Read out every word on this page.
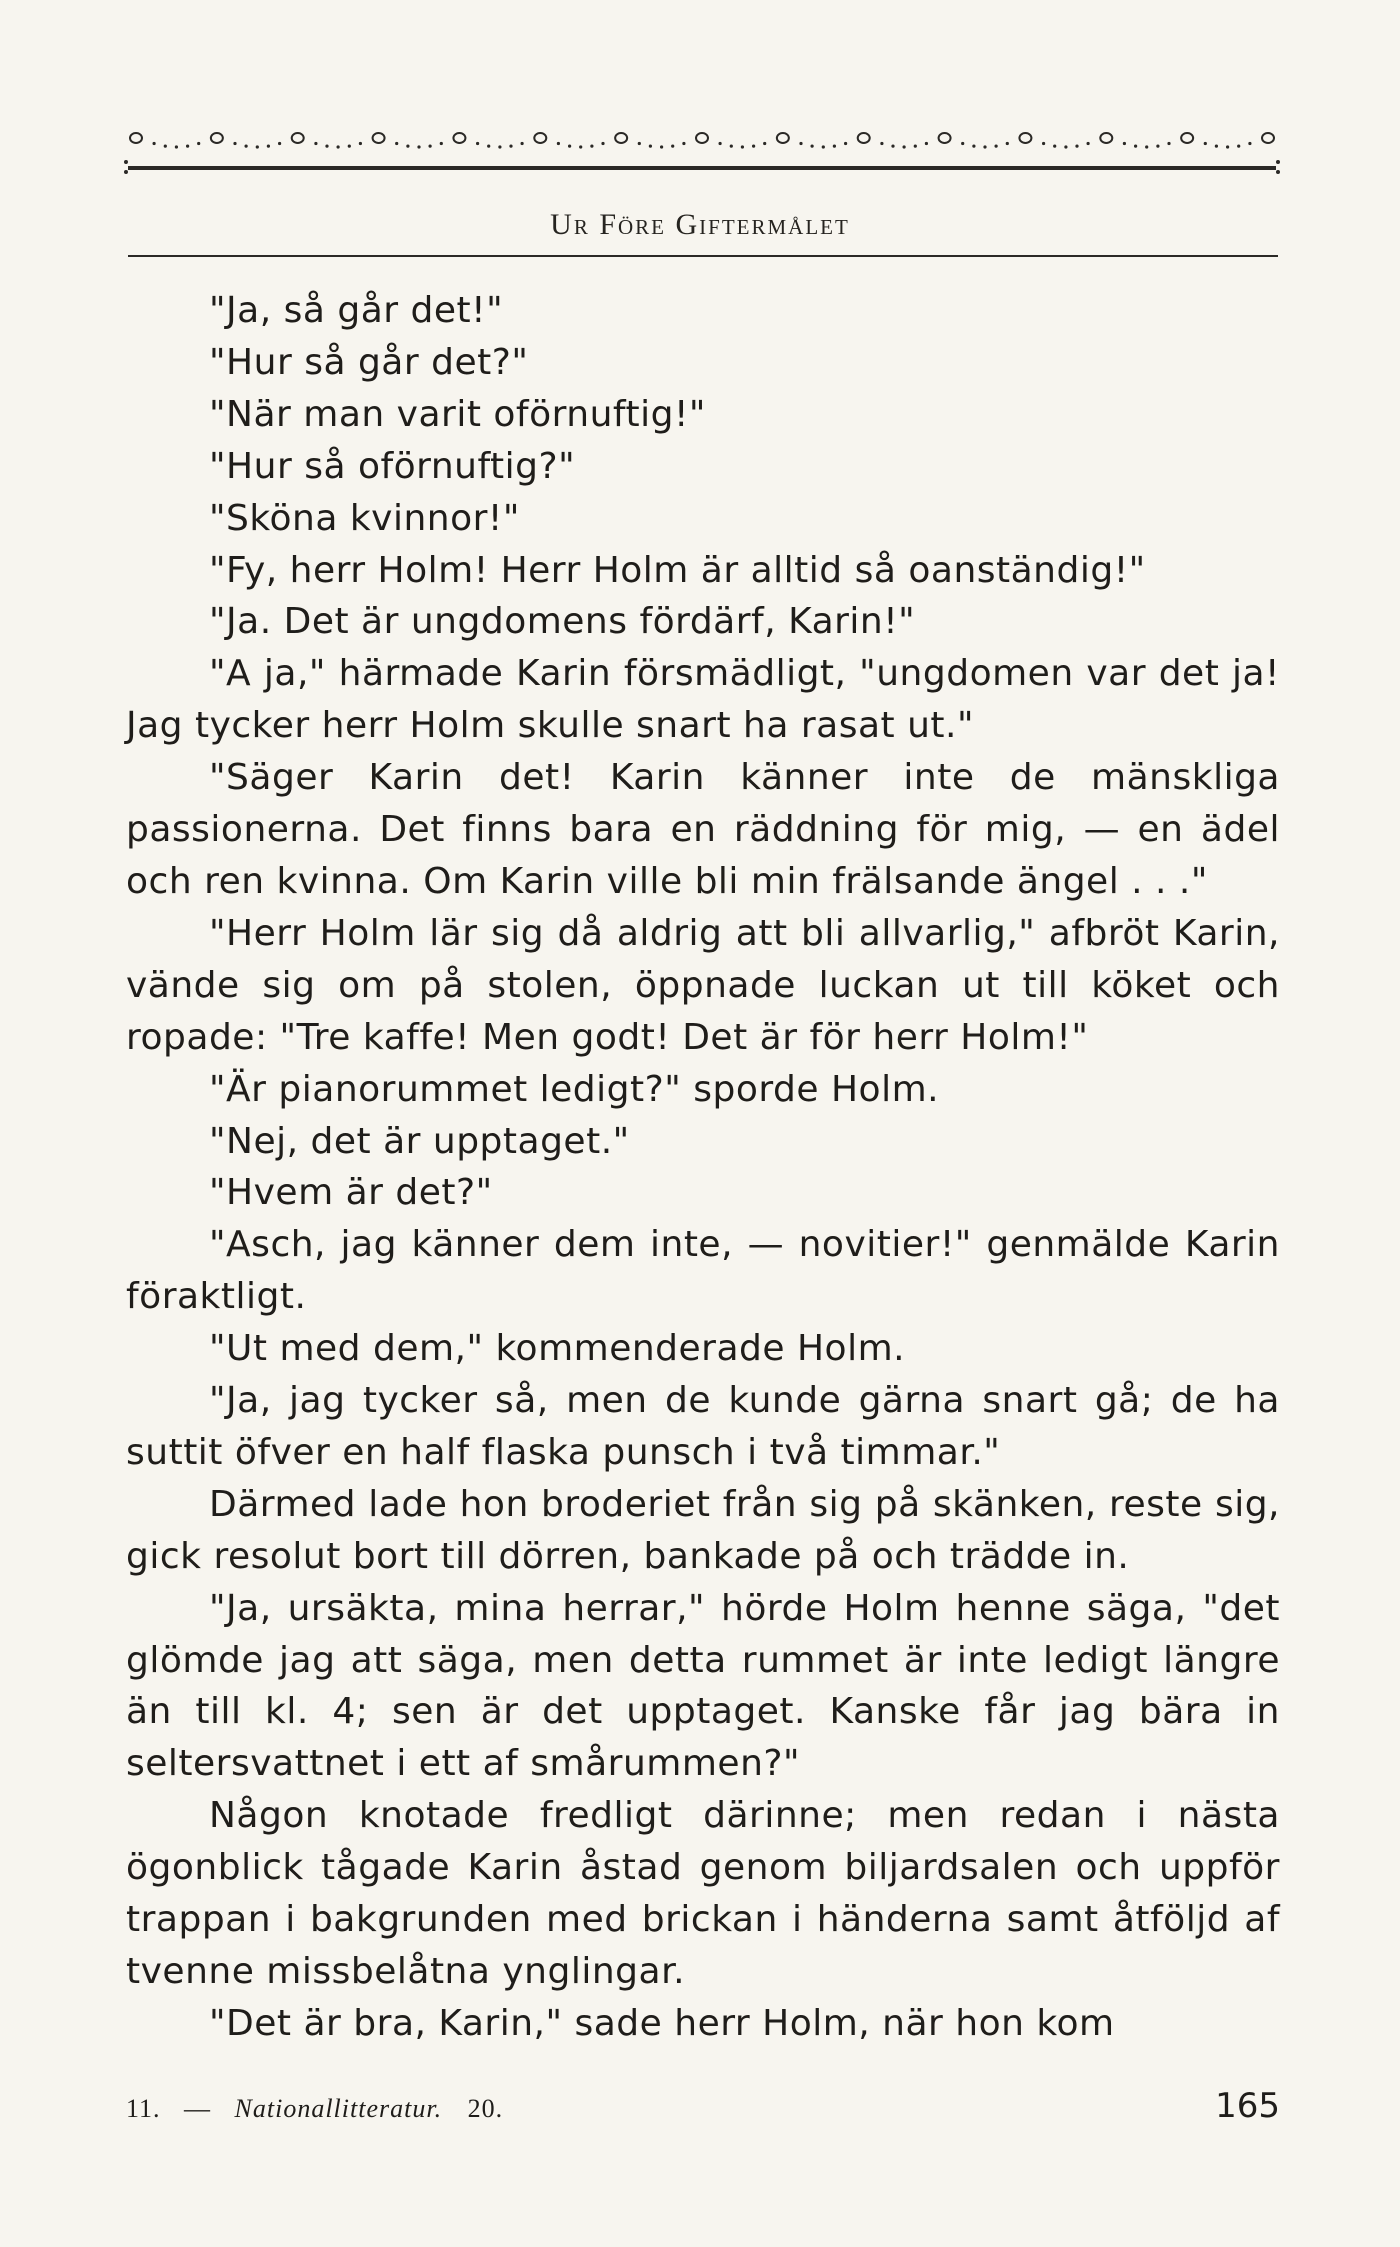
Ur Före Giftermålet

"Ja, så går det!"

"Hur så går det?"

"När man varit oförnuftig!"

"Hur så oförnuftig?"

"Sköna kvinnor!"

"Fy, herr Holm! Herr Holm är alltid så oanständig!"

"Ja. Det är ungdomens fördärf, Karin!"

"A ja," härmade Karin försmädligt, "ungdomen var det ja! Jag tycker herr Holm skulle snart ha rasat ut."

"Säger Karin det! Karin känner inte de mänskliga passionerna. Det finns bara en räddning för mig, — en ädel och ren kvinna. Om Karin ville bli min frälsande ängel . . ."

"Herr Holm lär sig då aldrig att bli allvarlig," afbröt Karin, vände sig om på stolen, öppnade luckan ut till köket och ropade: "Tre kaffe! Men godt! Det är för herr Holm!"

"Är pianorummet ledigt?" sporde Holm.

"Nej, det är upptaget."

"Hvem är det?"

"Asch, jag känner dem inte, — novitier!" genmälde Karin föraktligt.

"Ut med dem," kommenderade Holm.

"Ja, jag tycker så, men de kunde gärna snart gå; de ha suttit öfver en half flaska punsch i två timmar."

Därmed lade hon broderiet från sig på skänken, reste sig, gick resolut bort till dörren, bankade på och trädde in.

"Ja, ursäkta, mina herrar," hörde Holm henne säga, "det glömde jag att säga, men detta rummet är inte ledigt längre än till kl. 4; sen är det upptaget. Kanske får jag bära in seltersvattnet i ett af smårummen?"

Någon knotade fredligt därinne; men redan i nästa ögonblick tågade Karin åstad genom biljardsalen och uppför trappan i bakgrunden med brickan i händerna samt åtföljd af tvenne missbelåtna ynglingar.

"Det är bra, Karin," sade herr Holm, när hon kom

11. — Nationallitteratur. 20.	165
